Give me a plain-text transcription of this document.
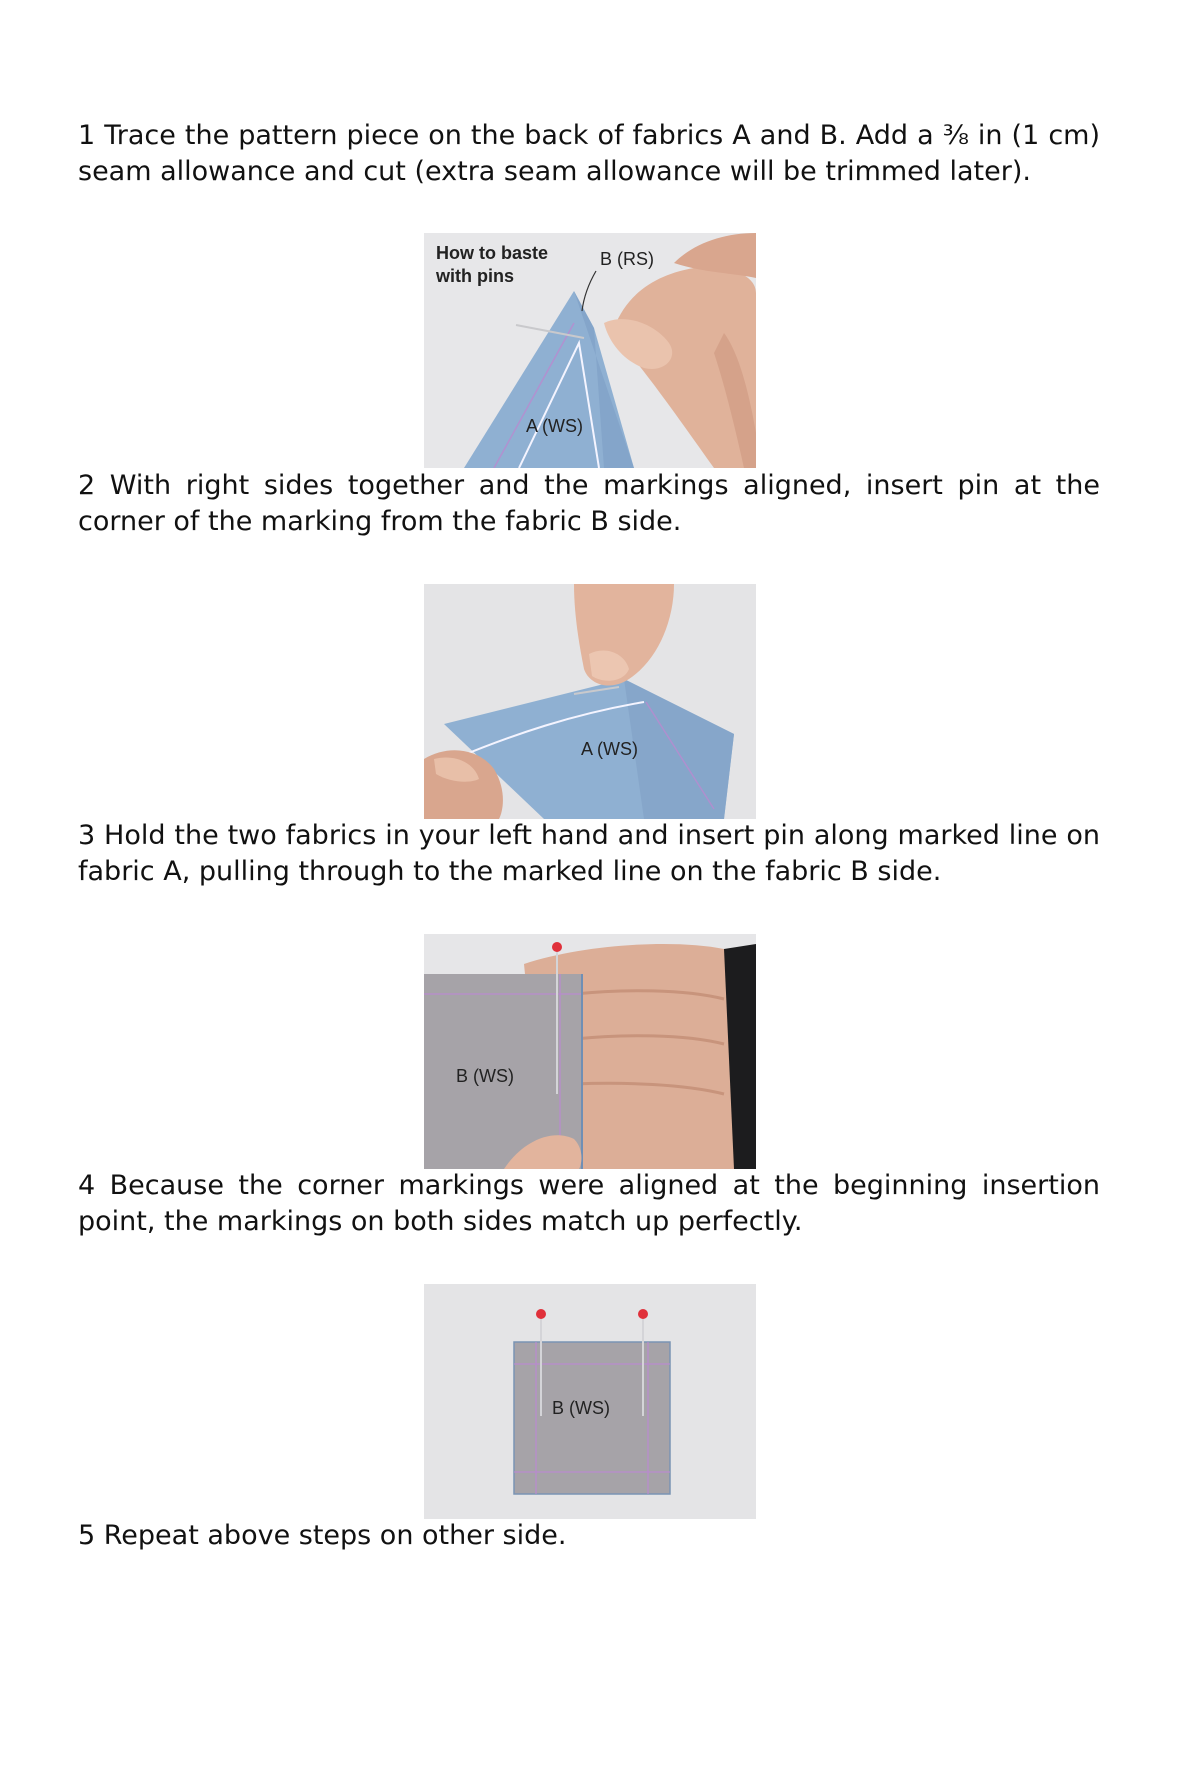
1 Trace the pattern piece on the back of fabrics A and B. Add a ⅜ in (1 cm) seam allowance and cut (extra seam allowance will be trimmed later).

How to baste
with pins
B (RS)
A (WS)

2 With right sides together and the markings aligned, insert pin at the corner of the marking from the fabric B side.

A (WS)

3 Hold the two fabrics in your left hand and insert pin along marked line on fabric A, pulling through to the marked line on the fabric B side.

B (WS)

4 Because the corner markings were aligned at the beginning insertion point, the markings on both sides match up perfectly.

B (WS)

5 Repeat above steps on other side.
